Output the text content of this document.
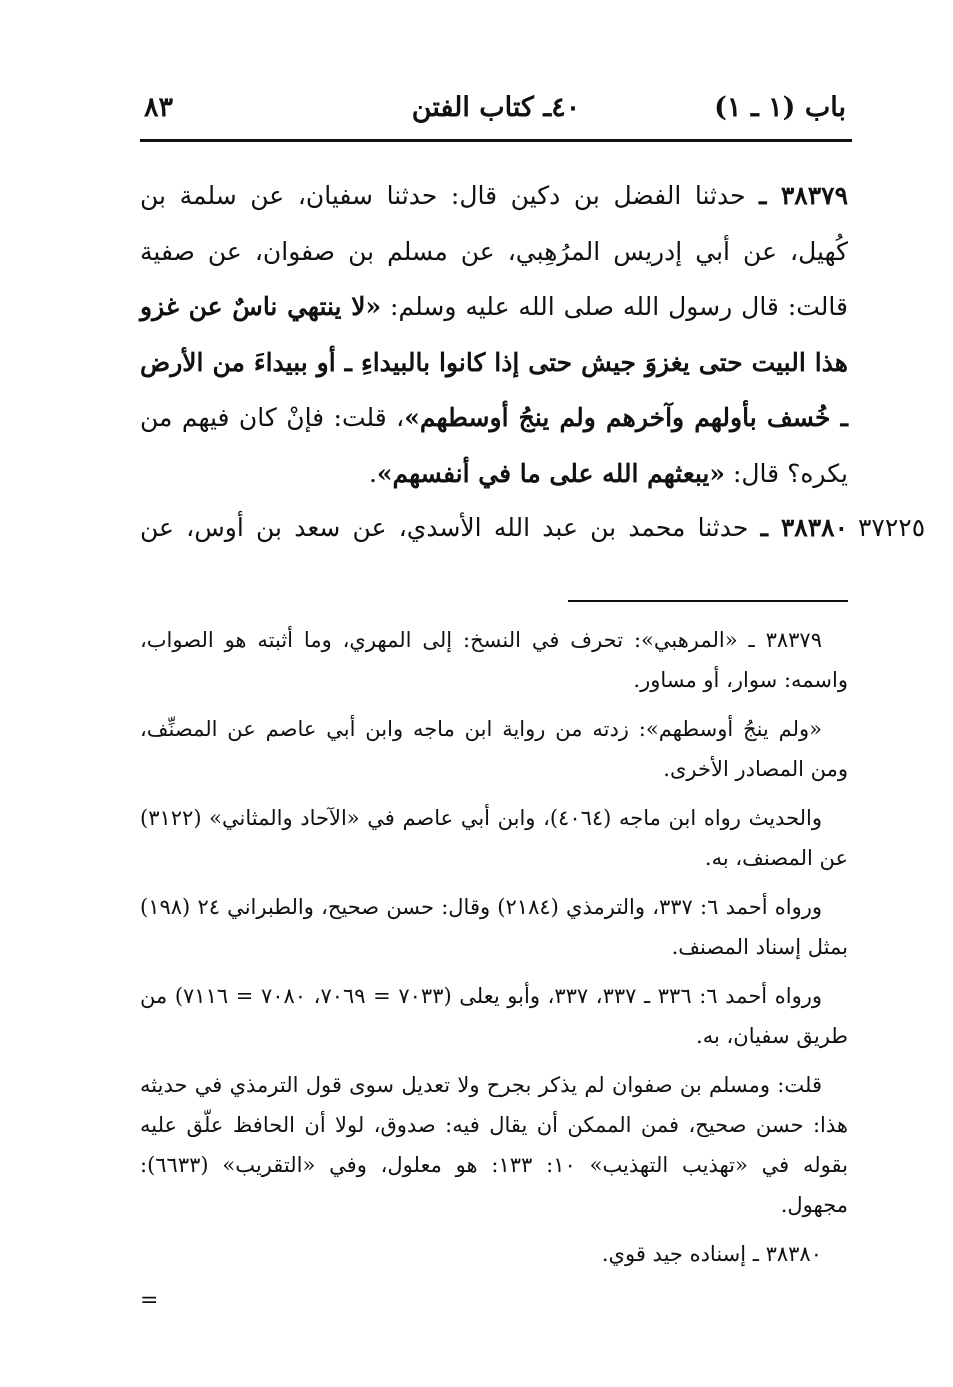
باب (١ ـ ١)
٤٠ـ كتاب الفتن
٨٣

٣٨٣٧٩ ـ حدثنا الفضل بن دكين قال: حدثنا سفيان، عن سلمة بن كُهيل، عن أبي إدريس المرُهِبي، عن مسلم بن صفوان، عن صفية قالت: قال رسول الله صلى الله عليه وسلم: «لا ينتهي ناسٌ عن غزو هذا البيت حتى يغزوَ جيش حتى إذا كانوا بالبيداءِ ـ أو ببيداءَ من الأرض ـ خُسف بأولهم وآخرهم ولم ينجُ أوسطهم»، قلت: فإنْ كان فيهم من يكره؟ قال: «يبعثهم الله على ما في أنفسهم».

٣٧٢٢٥
٣٨٣٨٠ ـ حدثنا محمد بن عبد الله الأسدي، عن سعد بن أوس، عن

٣٨٣٧٩ ـ «المرهبي»: تحرف في النسخ: إلى المهري، وما أثبته هو الصواب، واسمه: سوار، أو مساور.

«ولم ينجُ أوسطهم»: زدته من رواية ابن ماجه وابن أبي عاصم عن المصنِّف، ومن المصادر الأخرى.

والحديث رواه ابن ماجه (٤٠٦٤)، وابن أبي عاصم في «الآحاد والمثاني» (٣١٢٢) عن المصنف، به.

ورواه أحمد ٦: ٣٣٧، والترمذي (٢١٨٤) وقال: حسن صحيح، والطبراني ٢٤ (١٩٨) بمثل إسناد المصنف.

ورواه أحمد ٦: ٣٣٦ ـ ٣٣٧، ٣٣٧، وأبو يعلى (٧٠٣٣ = ٧٠٦٩، ٧٠٨٠ = ٧١١٦) من طريق سفيان، به.

قلت: ومسلم بن صفوان لم يذكر بجرح ولا تعديل سوى قول الترمذي في حديثه هذا: حسن صحيح، فمن الممكن أن يقال فيه: صدوق، لولا أن الحافظ علّق عليه بقوله في «تهذيب التهذيب» ١٠: ١٣٣: هو معلول، وفي «التقريب» (٦٦٣٣): مجهول.

٣٨٣٨٠ ـ إسناده جيد قوي.

=
